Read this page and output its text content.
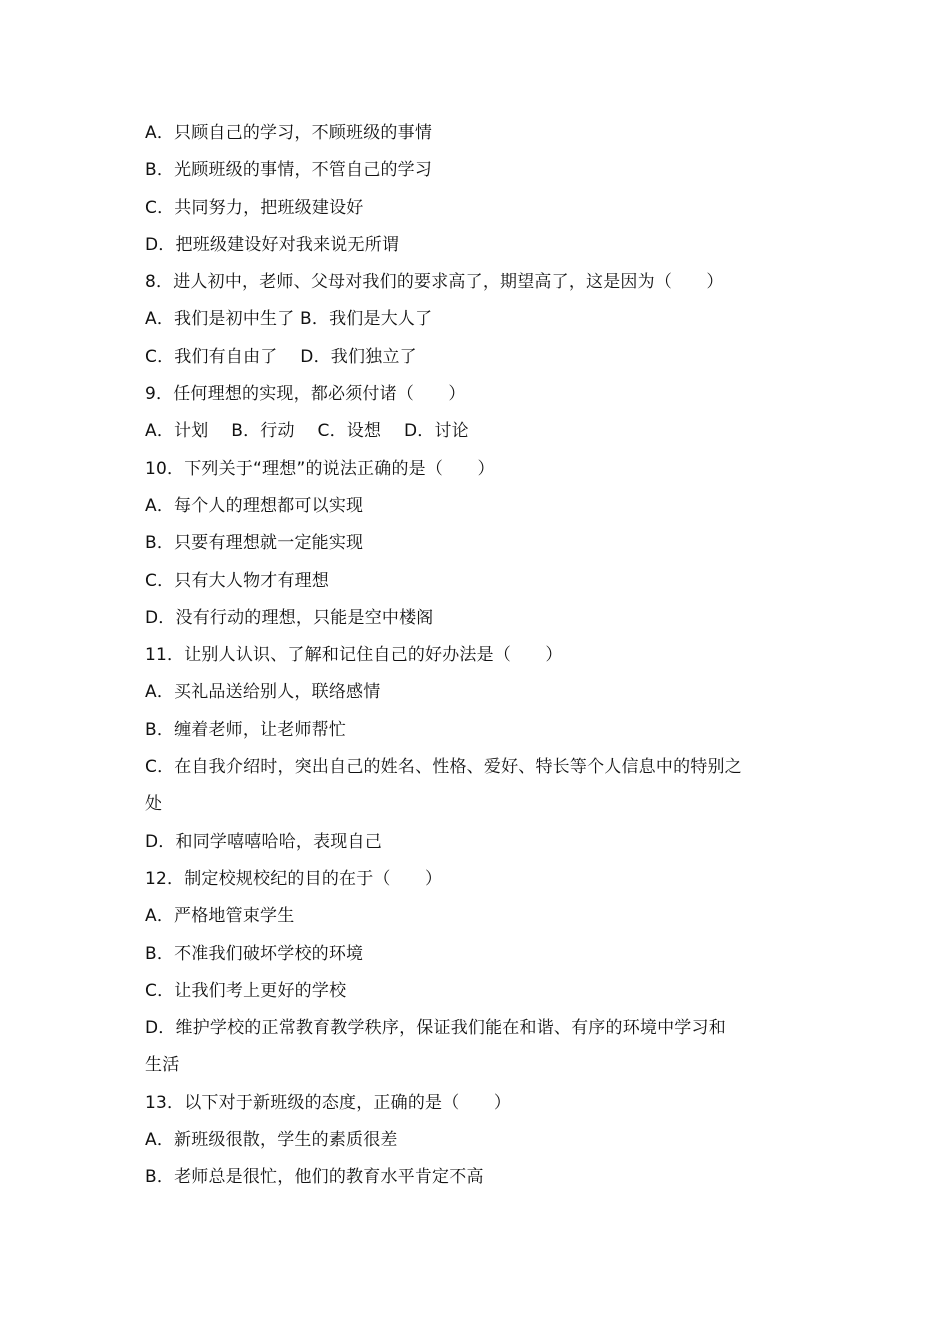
A．只顾自己的学习，不顾班级的事情
B．光顾班级的事情，不管自己的学习
C．共同努力，把班级建设好
D．把班级建设好对我来说无所谓
8．进人初中，老师、父母对我们的要求高了，期望高了，这是因为（　　）
A．我们是初中生了 B．我们是大人了
C．我们有自由了　 D．我们独立了
9．任何理想的实现，都必须付诸（　　）
A．计划　 B．行动　 C．设想　 D．讨论
10．下列关于“理想”的说法正确的是（　　）
A．每个人的理想都可以实现
B．只要有理想就一定能实现
C．只有大人物才有理想
D．没有行动的理想，只能是空中楼阁
11．让别人认识、了解和记住自己的好办法是（　　）
A．买礼品送给别人，联络感情
B．缠着老师，让老师帮忙
C．在自我介绍时，突出自己的姓名、性格、爱好、特长等个人信息中的特别之
处
D．和同学嘻嘻哈哈，表现自己
12．制定校规校纪的目的在于（　　）
A．严格地管束学生
B．不准我们破坏学校的环境
C．让我们考上更好的学校
D．维护学校的正常教育教学秩序，保证我们能在和谐、有序的环境中学习和
生活
13．以下对于新班级的态度，正确的是（　　）
A．新班级很散，学生的素质很差
B．老师总是很忙，他们的教育水平肯定不高
